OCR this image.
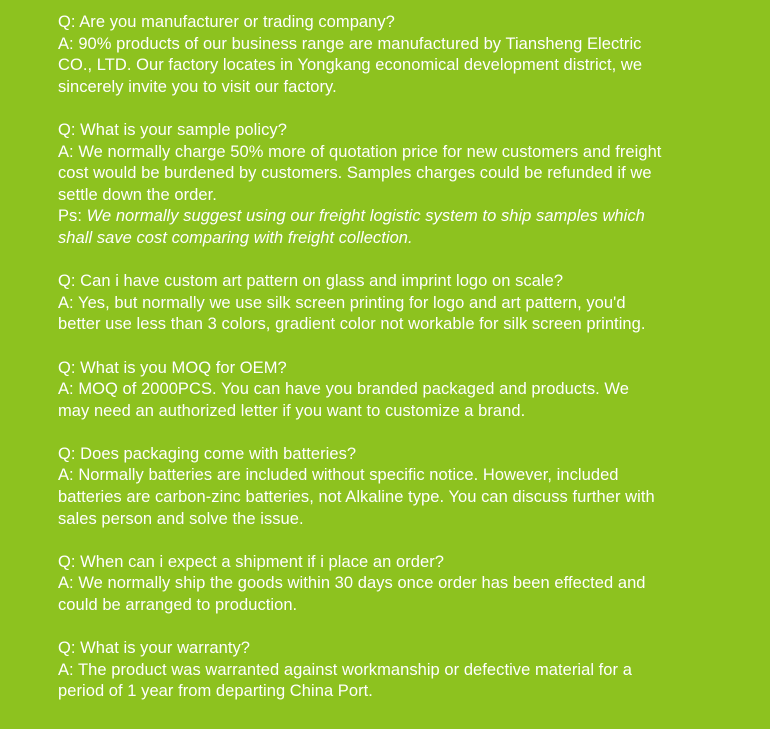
Q: Are you manufacturer or trading company?
A: 90% products of our business range are manufactured by Tiansheng Electric
CO., LTD. Our factory locates in Yongkang economical development district, we
sincerely invite you to visit our factory.
Q: What is your sample policy?
A: We normally charge 50% more of quotation price for new customers and freight
cost would be burdened by customers. Samples charges could be refunded if we
settle down the order.
Ps: We normally suggest using our freight logistic system to ship samples which
shall save cost comparing with freight collection.
Q: Can i have custom art pattern on glass and imprint logo on scale?
A: Yes, but normally we use silk screen printing for logo and art pattern, you'd
better use less than 3 colors, gradient color not workable for silk screen printing.
Q: What is you MOQ for OEM?
A: MOQ of 2000PCS. You can have you branded packaged and products. We
may need an authorized letter if you want to customize a brand.
Q: Does packaging come with batteries?
A: Normally batteries are included without specific notice. However, included
batteries are carbon-zinc batteries, not Alkaline type. You can discuss further with
sales person and solve the issue.
Q: When can i expect a shipment if i place an order?
A: We normally ship the goods within 30 days once order has been effected and
could be arranged to production.
Q: What is your warranty?
A: The product was warranted against workmanship or defective material for a
period of 1 year from departing China Port.
